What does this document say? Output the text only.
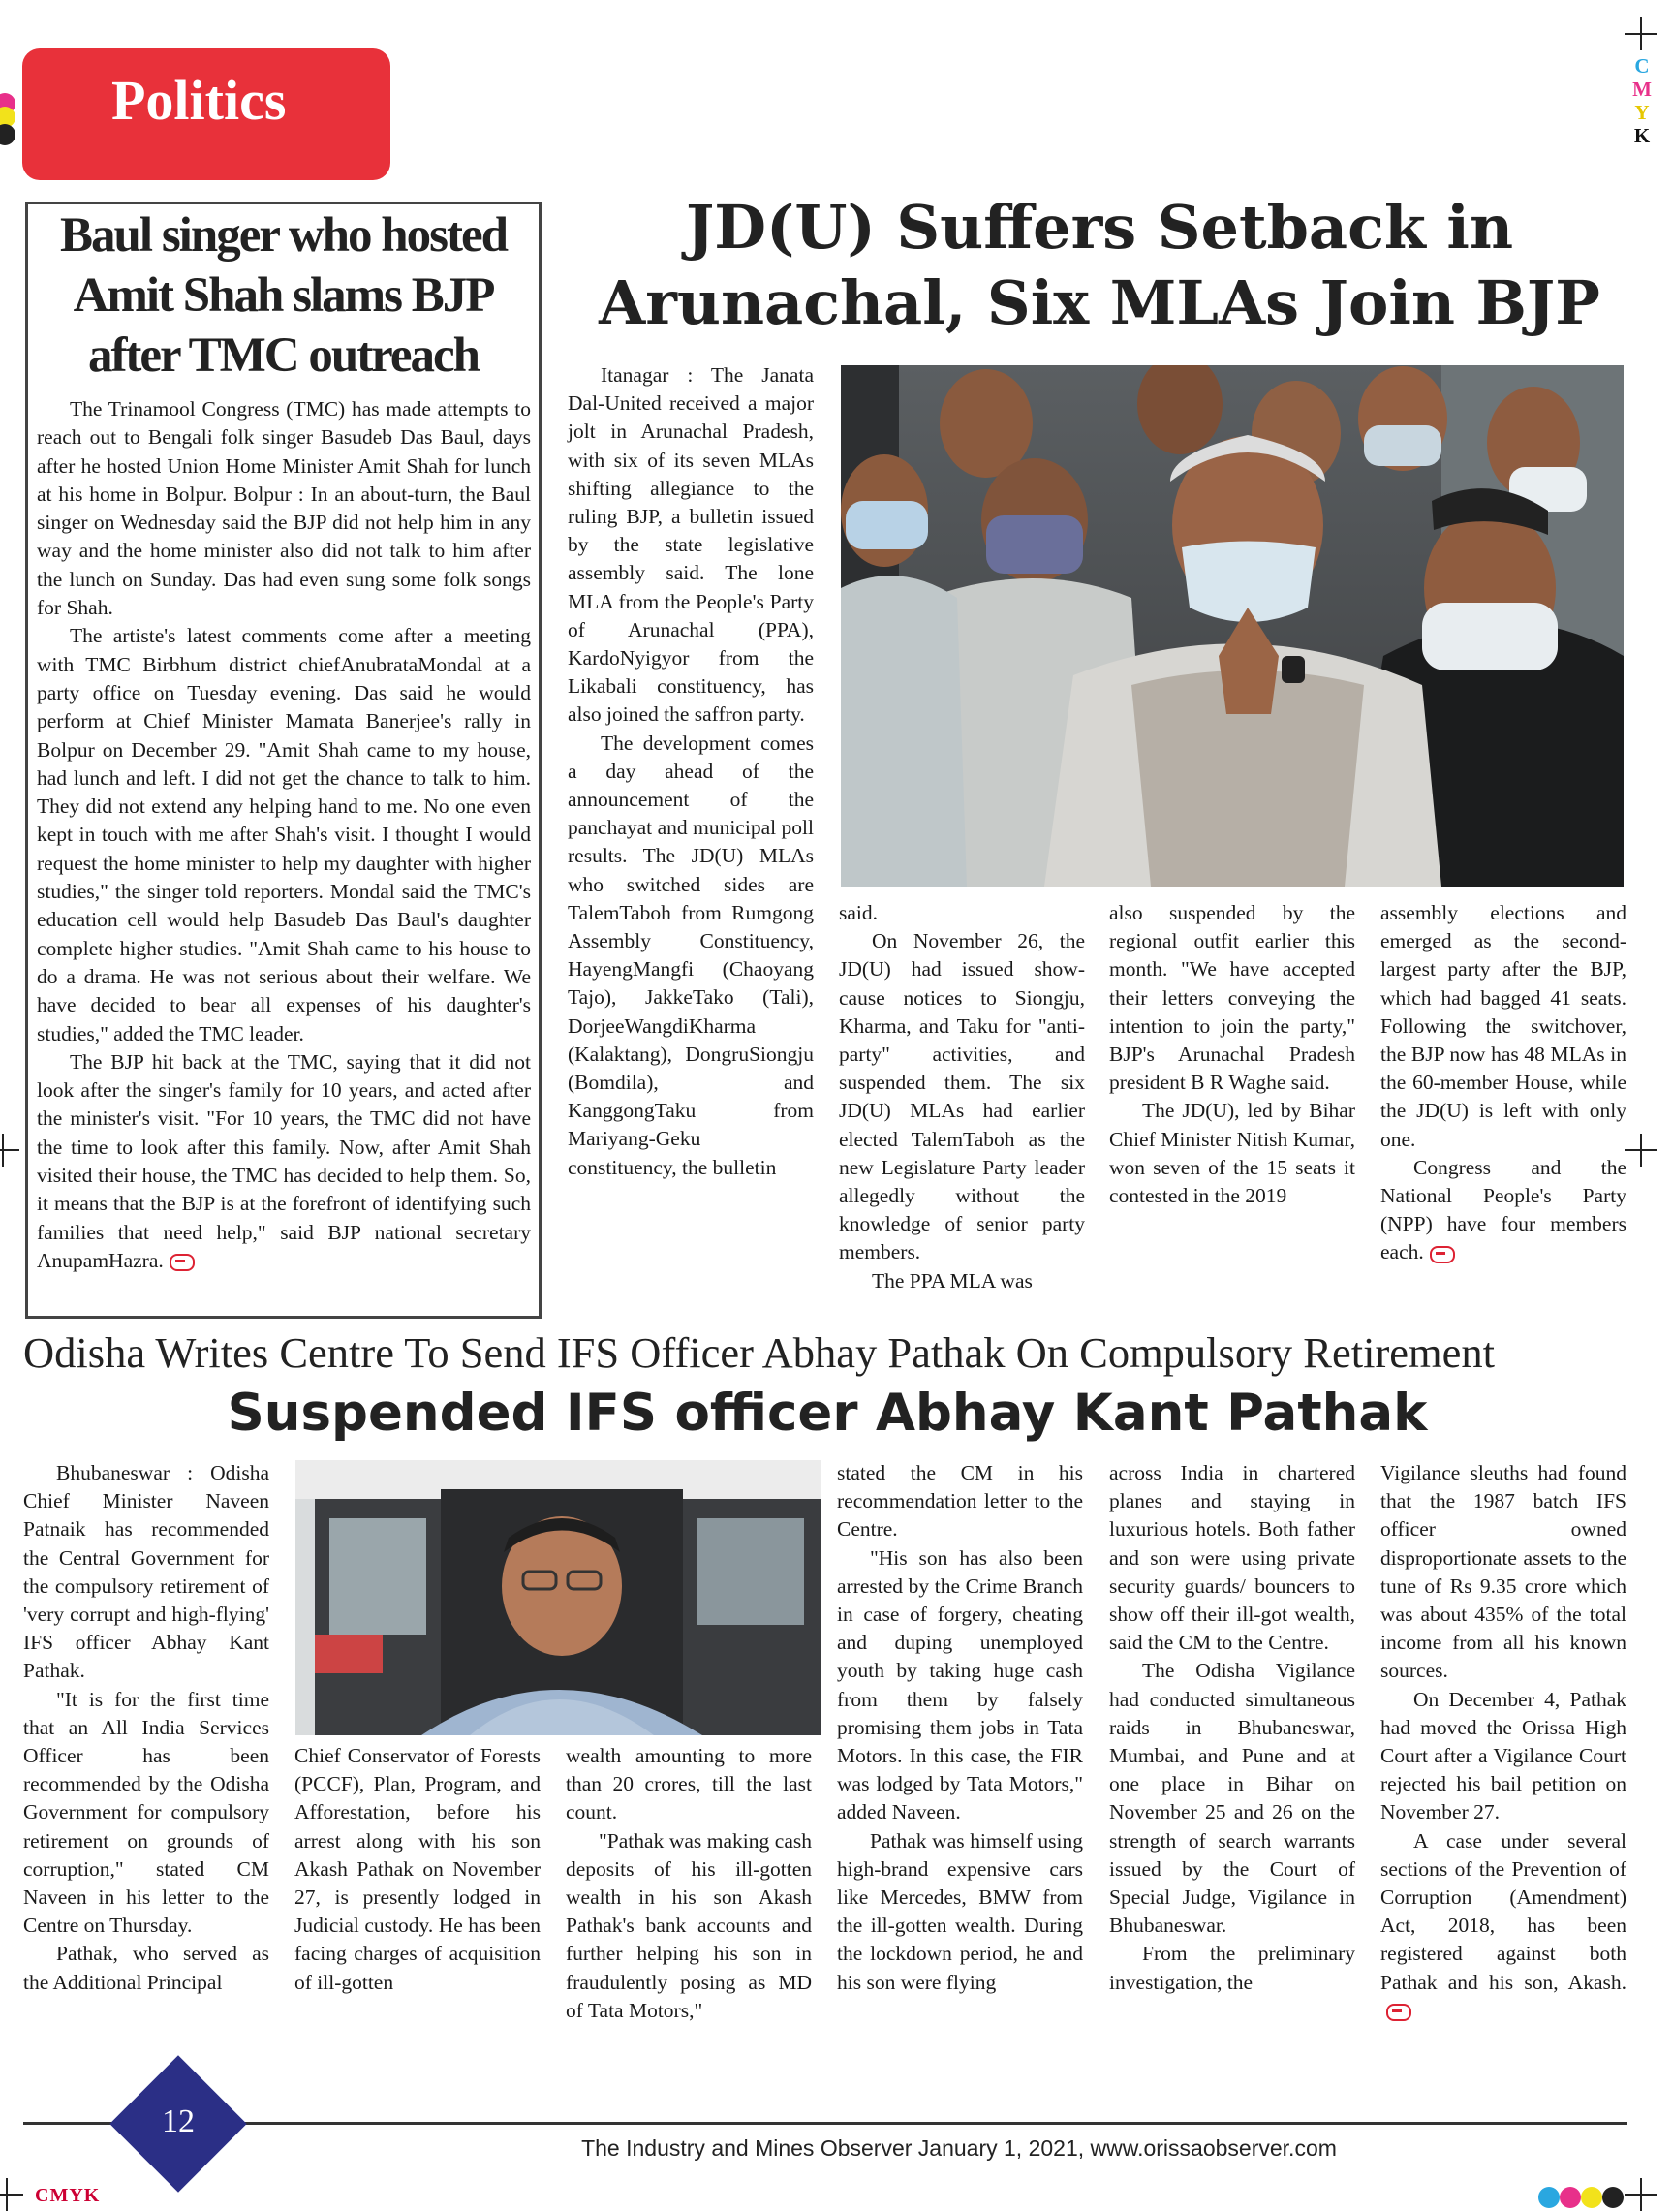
C
M
Y
K
Politics
Baul singer who hosted Amit Shah slams BJP after TMC outreach

The Trinamool Congress (TMC) has made attempts to reach out to Bengali folk singer Basudeb Das Baul, days after he hosted Union Home Minister Amit Shah for lunch at his home in Bolpur. Bolpur : In an about-turn, the Baul singer on Wednesday said the BJP did not help him in any way and the home minister also did not talk to him after the lunch on Sunday. Das had even sung some folk songs for Shah.

The artiste's latest comments come after a meeting with TMC Birbhum district chiefAnubrataMondal at a party office on Tuesday evening. Das said he would perform at Chief Minister Mamata Banerjee's rally in Bolpur on December 29. "Amit Shah came to my house, had lunch and left. I did not get the chance to talk to him. They did not extend any helping hand to me. No one even kept in touch with me after Shah's visit. I thought I would request the home minister to help my daughter with higher studies," the singer told reporters. Mondal said the TMC's education cell would help Basudeb Das Baul's daughter complete higher studies. "Amit Shah came to his house to do a drama. He was not serious about their welfare. We have decided to bear all expenses of his daughter's studies," added the TMC leader.

The BJP hit back at the TMC, saying that it did not look after the singer's family for 10 years, and acted after the minister's visit. "For 10 years, the TMC did not have the time to look after this family. Now, after Amit Shah visited their house, the TMC has decided to help them. So, it means that the BJP is at the forefront of identifying such families that need help," said BJP national secretary AnupamHazra.

JD(U) Suffers Setback in Arunachal, Six MLAs Join BJP

Itanagar : The Janata Dal-United received a major jolt in Arunachal Pradesh, with six of its seven MLAs shifting allegiance to the ruling BJP, a bulletin issued by the state legislative assembly said. The lone MLA from the People's Party of Arunachal (PPA), KardoNyigyor from the Likabali constituency, has also joined the saffron party.

The development comes a day ahead of the announcement of the panchayat and municipal poll results. The JD(U) MLAs who switched sides are TalemTaboh from Rumgong Assembly Constituency, HayengMangfi (Chaoyang Tajo), JakkeTako (Tali), DorjeeWangdiKharma (Kalaktang), DongruSiongju (Bomdila), and KanggongTaku from Mariyang-Geku constituency, the bulletin

said.

On November 26, the JD(U) had issued show-cause notices to Siongju, Kharma, and Taku for "anti-party" activities, and suspended them. The six JD(U) MLAs had earlier elected TalemTaboh as the new Legislature Party leader allegedly without the knowledge of senior party members.

The PPA MLA was

also suspended by the regional outfit earlier this month. "We have accepted their letters conveying the intention to join the party," BJP's Arunachal Pradesh president B R Waghe said.

The JD(U), led by Bihar Chief Minister Nitish Kumar, won seven of the 15 seats it contested in the 2019

assembly elections and emerged as the second-largest party after the BJP, which had bagged 41 seats. Following the switchover, the BJP now has 48 MLAs in the 60-member House, while the JD(U) is left with only one.

Congress and the National People's Party (NPP) have four members each.

Odisha Writes Centre To Send IFS Officer Abhay Pathak On Compulsory Retirement
Suspended IFS officer Abhay Kant Pathak

Bhubaneswar : Odisha Chief Minister Naveen Patnaik has recommended the Central Government for the compulsory retirement of 'very corrupt and high-flying' IFS officer Abhay Kant Pathak.

"It is for the first time that an All India Services Officer has been recommended by the Odisha Government for compulsory retirement on grounds of corruption," stated CM Naveen in his letter to the Centre on Thursday.

Pathak, who served as the Additional Principal

Chief Conservator of Forests (PCCF), Plan, Program, and Afforestation, before his arrest along with his son Akash Pathak on November 27, is presently lodged in Judicial custody. He has been facing charges of acquisition of ill-gotten

wealth amounting to more than 20 crores, till the last count.

"Pathak was making cash deposits of his ill-gotten wealth in his son Akash Pathak's bank accounts and further helping his son in fraudulently posing as MD of Tata Motors,"

stated the CM in his recommendation letter to the Centre.

"His son has also been arrested by the Crime Branch in case of forgery, cheating and duping unemployed youth by taking huge cash from them by falsely promising them jobs in Tata Motors. In this case, the FIR was lodged by Tata Motors," added Naveen.

Pathak was himself using high-brand expensive cars like Mercedes, BMW from the ill-gotten wealth. During the lockdown period, he and his son were flying

across India in chartered planes and staying in luxurious hotels. Both father and son were using private security guards/ bouncers to show off their ill-got wealth, said the CM to the Centre.

The Odisha Vigilance had conducted simultaneous raids in Bhubaneswar, Mumbai, and Pune and at one place in Bihar on November 25 and 26 on the strength of search warrants issued by the Court of Special Judge, Vigilance in Bhubaneswar.

From the preliminary investigation, the

Vigilance sleuths had found that the 1987 batch IFS officer owned disproportionate assets to the tune of Rs 9.35 crore which was about 435% of the total income from all his known sources.

On December 4, Pathak had moved the Orissa High Court after a Vigilance Court rejected his bail petition on November 27.

A case under several sections of the Prevention of Corruption (Amendment) Act, 2018, has been registered against both Pathak and his son, Akash.

12
The Industry and Mines Observer January 1, 2021, www.orissaobserver.com
CMYK
